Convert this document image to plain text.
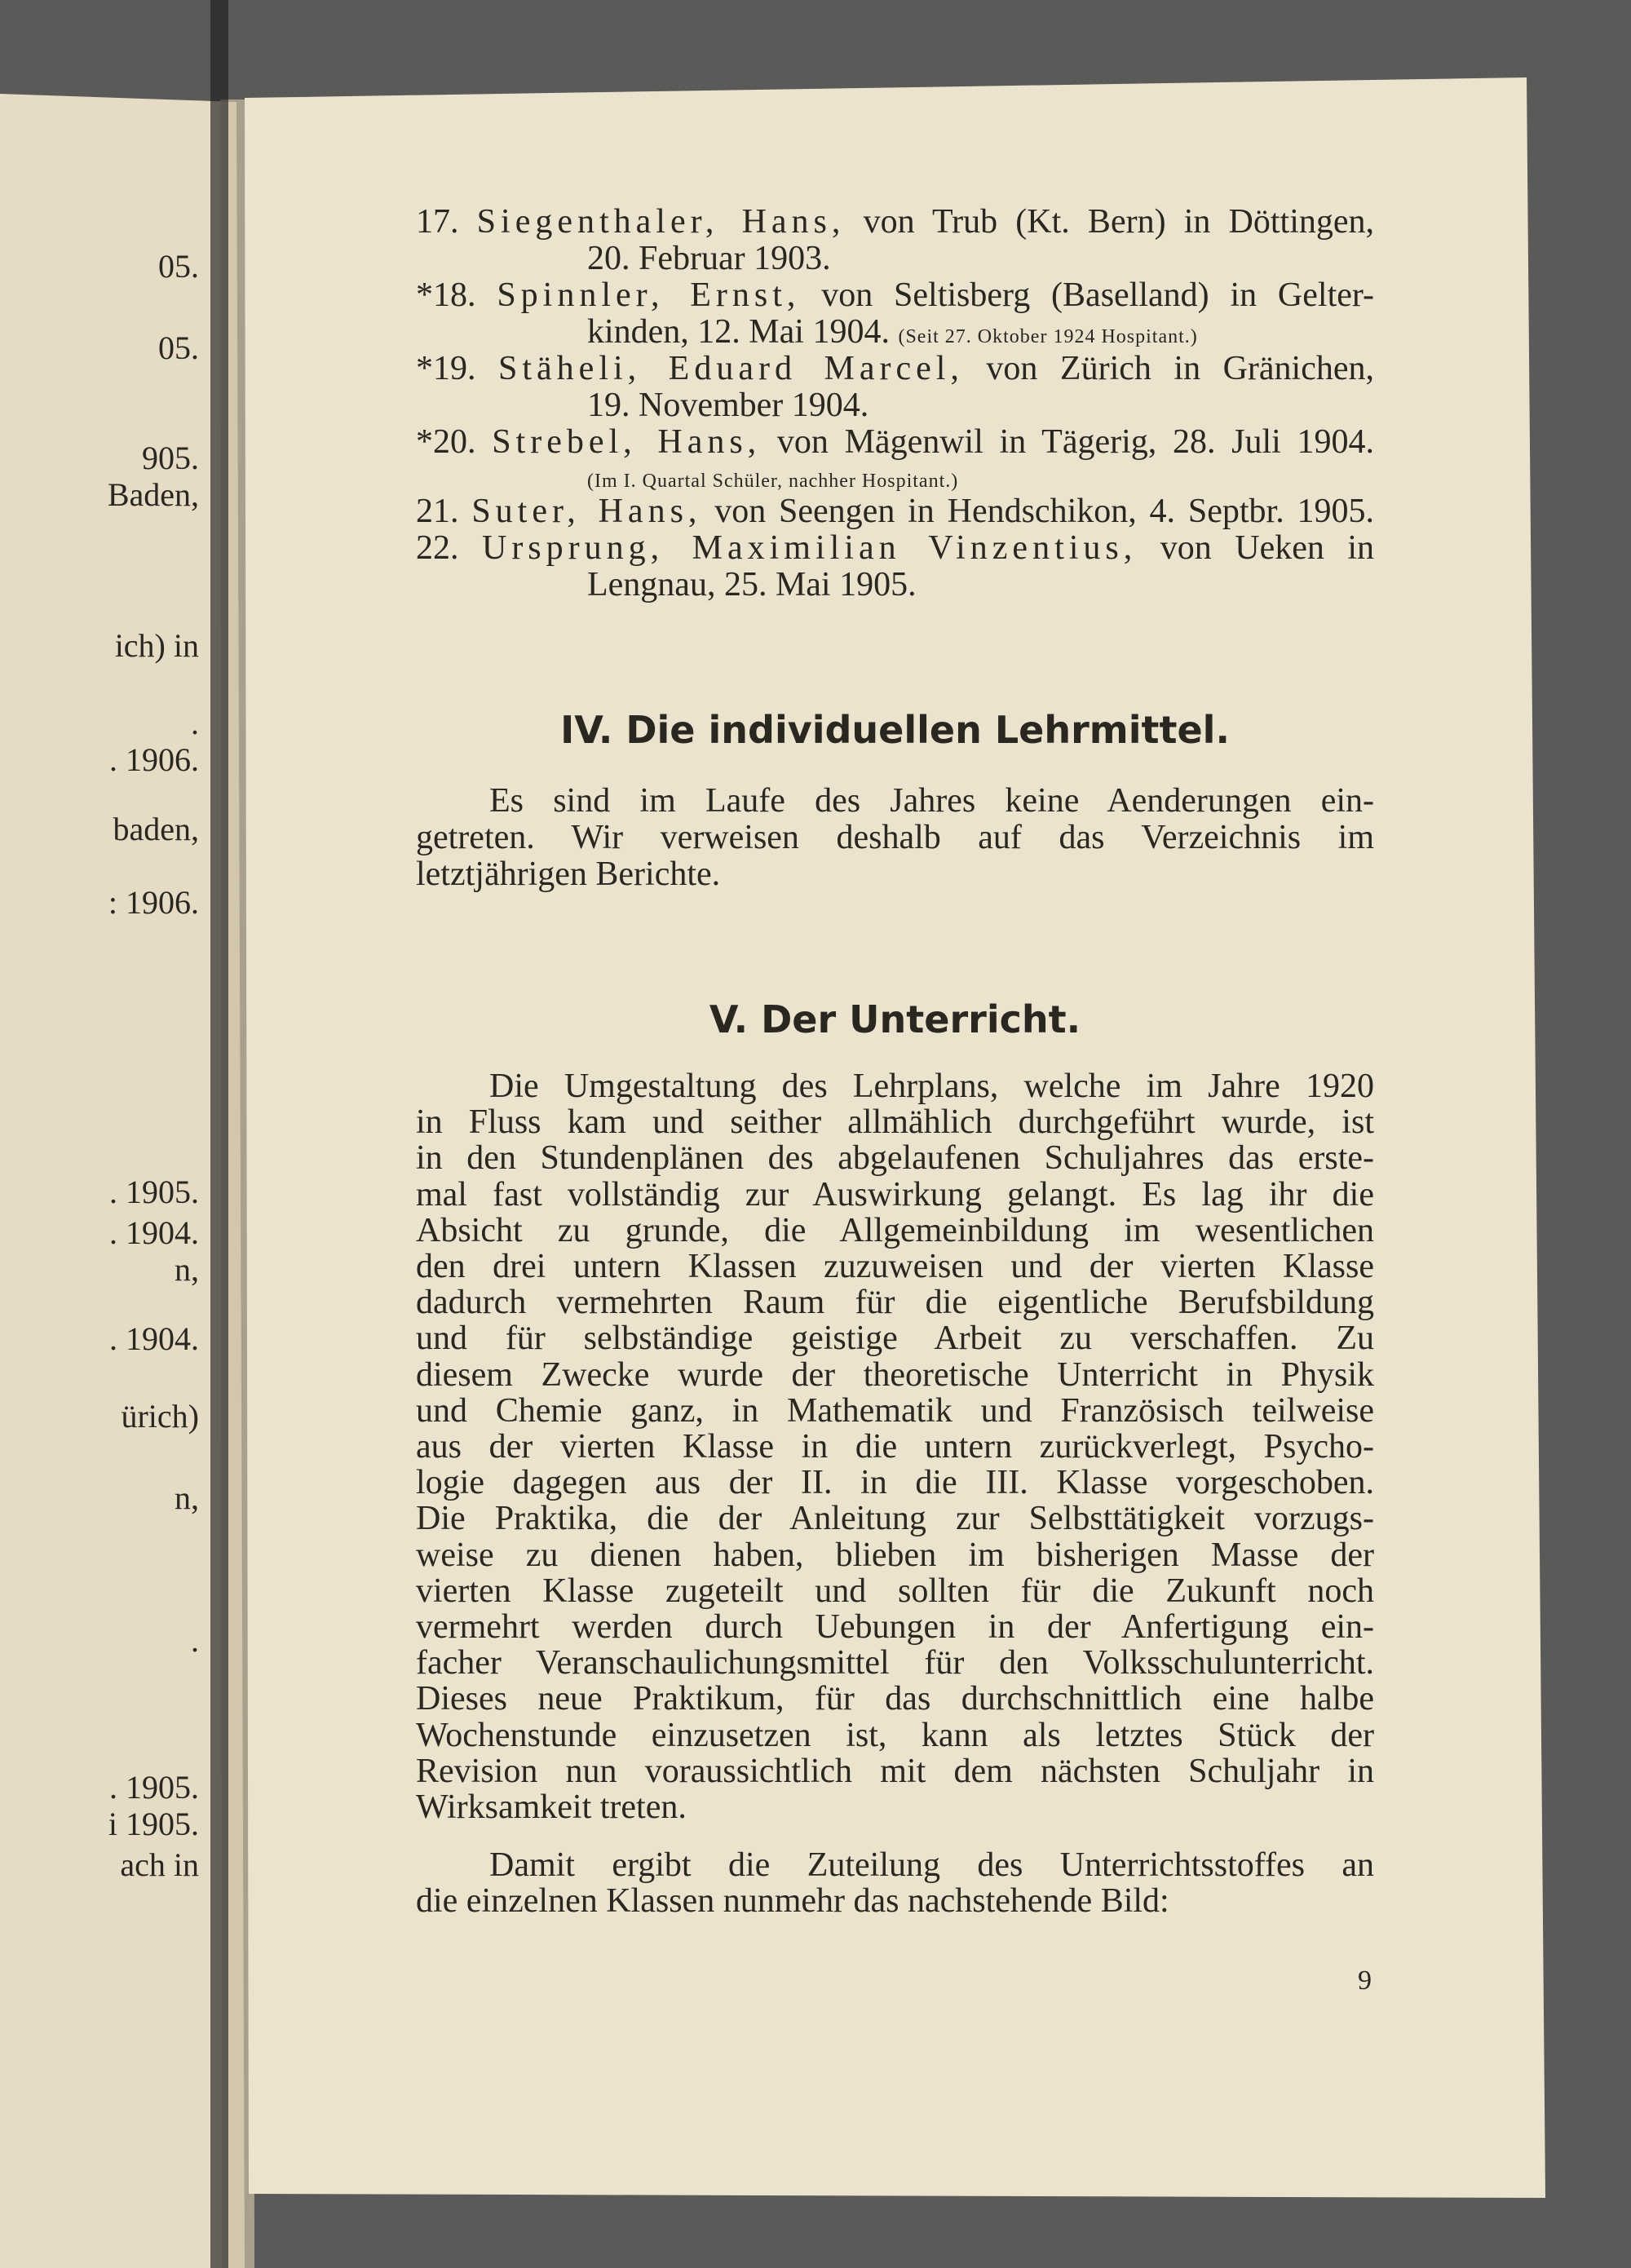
05.
05.
905.
Baden,
ich) in
.
. 1906.
baden,
: 1906.
. 1905.
. 1904.
n,
. 1904.
ürich)
n,
.
. 1905.
i 1905.
ach in
17. Siegenthaler, Hans, von Trub (Kt. Bern) in Döttingen,
20. Februar 1903.
*18. Spinnler, Ernst, von Seltisberg (Baselland) in Gelter-
kinden, 12. Mai 1904. (Seit 27. Oktober 1924 Hospitant.)
*19. Stäheli, Eduard Marcel, von Zürich in Gränichen,
19. November 1904.
*20. Strebel, Hans, von Mägenwil in Tägerig, 28. Juli 1904.
(Im I. Quartal Schüler, nachher Hospitant.)
21. Suter, Hans, von Seengen in Hendschikon, 4. Septbr. 1905.
22. Ursprung, Maximilian Vinzentius, von Ueken in
Lengnau, 25. Mai 1905.
IV. Die individuellen Lehrmittel.
Es sind im Laufe des Jahres keine Aenderungen ein-
getreten. Wir verweisen deshalb auf das Verzeichnis im
letztjährigen Berichte.
V. Der Unterricht.
Die Umgestaltung des Lehrplans, welche im Jahre 1920
in Fluss kam und seither allmählich durchgeführt wurde, ist
in den Stundenplänen des abgelaufenen Schuljahres das erste-
mal fast vollständig zur Auswirkung gelangt. Es lag ihr die
Absicht zu grunde, die Allgemeinbildung im wesentlichen
den drei untern Klassen zuzuweisen und der vierten Klasse
dadurch vermehrten Raum für die eigentliche Berufsbildung
und für selbständige geistige Arbeit zu verschaffen. Zu
diesem Zwecke wurde der theoretische Unterricht in Physik
und Chemie ganz, in Mathematik und Französisch teilweise
aus der vierten Klasse in die untern zurückverlegt, Psycho-
logie dagegen aus der II. in die III. Klasse vorgeschoben.
Die Praktika, die der Anleitung zur Selbsttätigkeit vorzugs-
weise zu dienen haben, blieben im bisherigen Masse der
vierten Klasse zugeteilt und sollten für die Zukunft noch
vermehrt werden durch Uebungen in der Anfertigung ein-
facher Veranschaulichungsmittel für den Volksschulunterricht.
Dieses neue Praktikum, für das durchschnittlich eine halbe
Wochenstunde einzusetzen ist, kann als letztes Stück der
Revision nun voraussichtlich mit dem nächsten Schuljahr in
Wirksamkeit treten.
Damit ergibt die Zuteilung des Unterrichtsstoffes an
die einzelnen Klassen nunmehr das nachstehende Bild:
9
